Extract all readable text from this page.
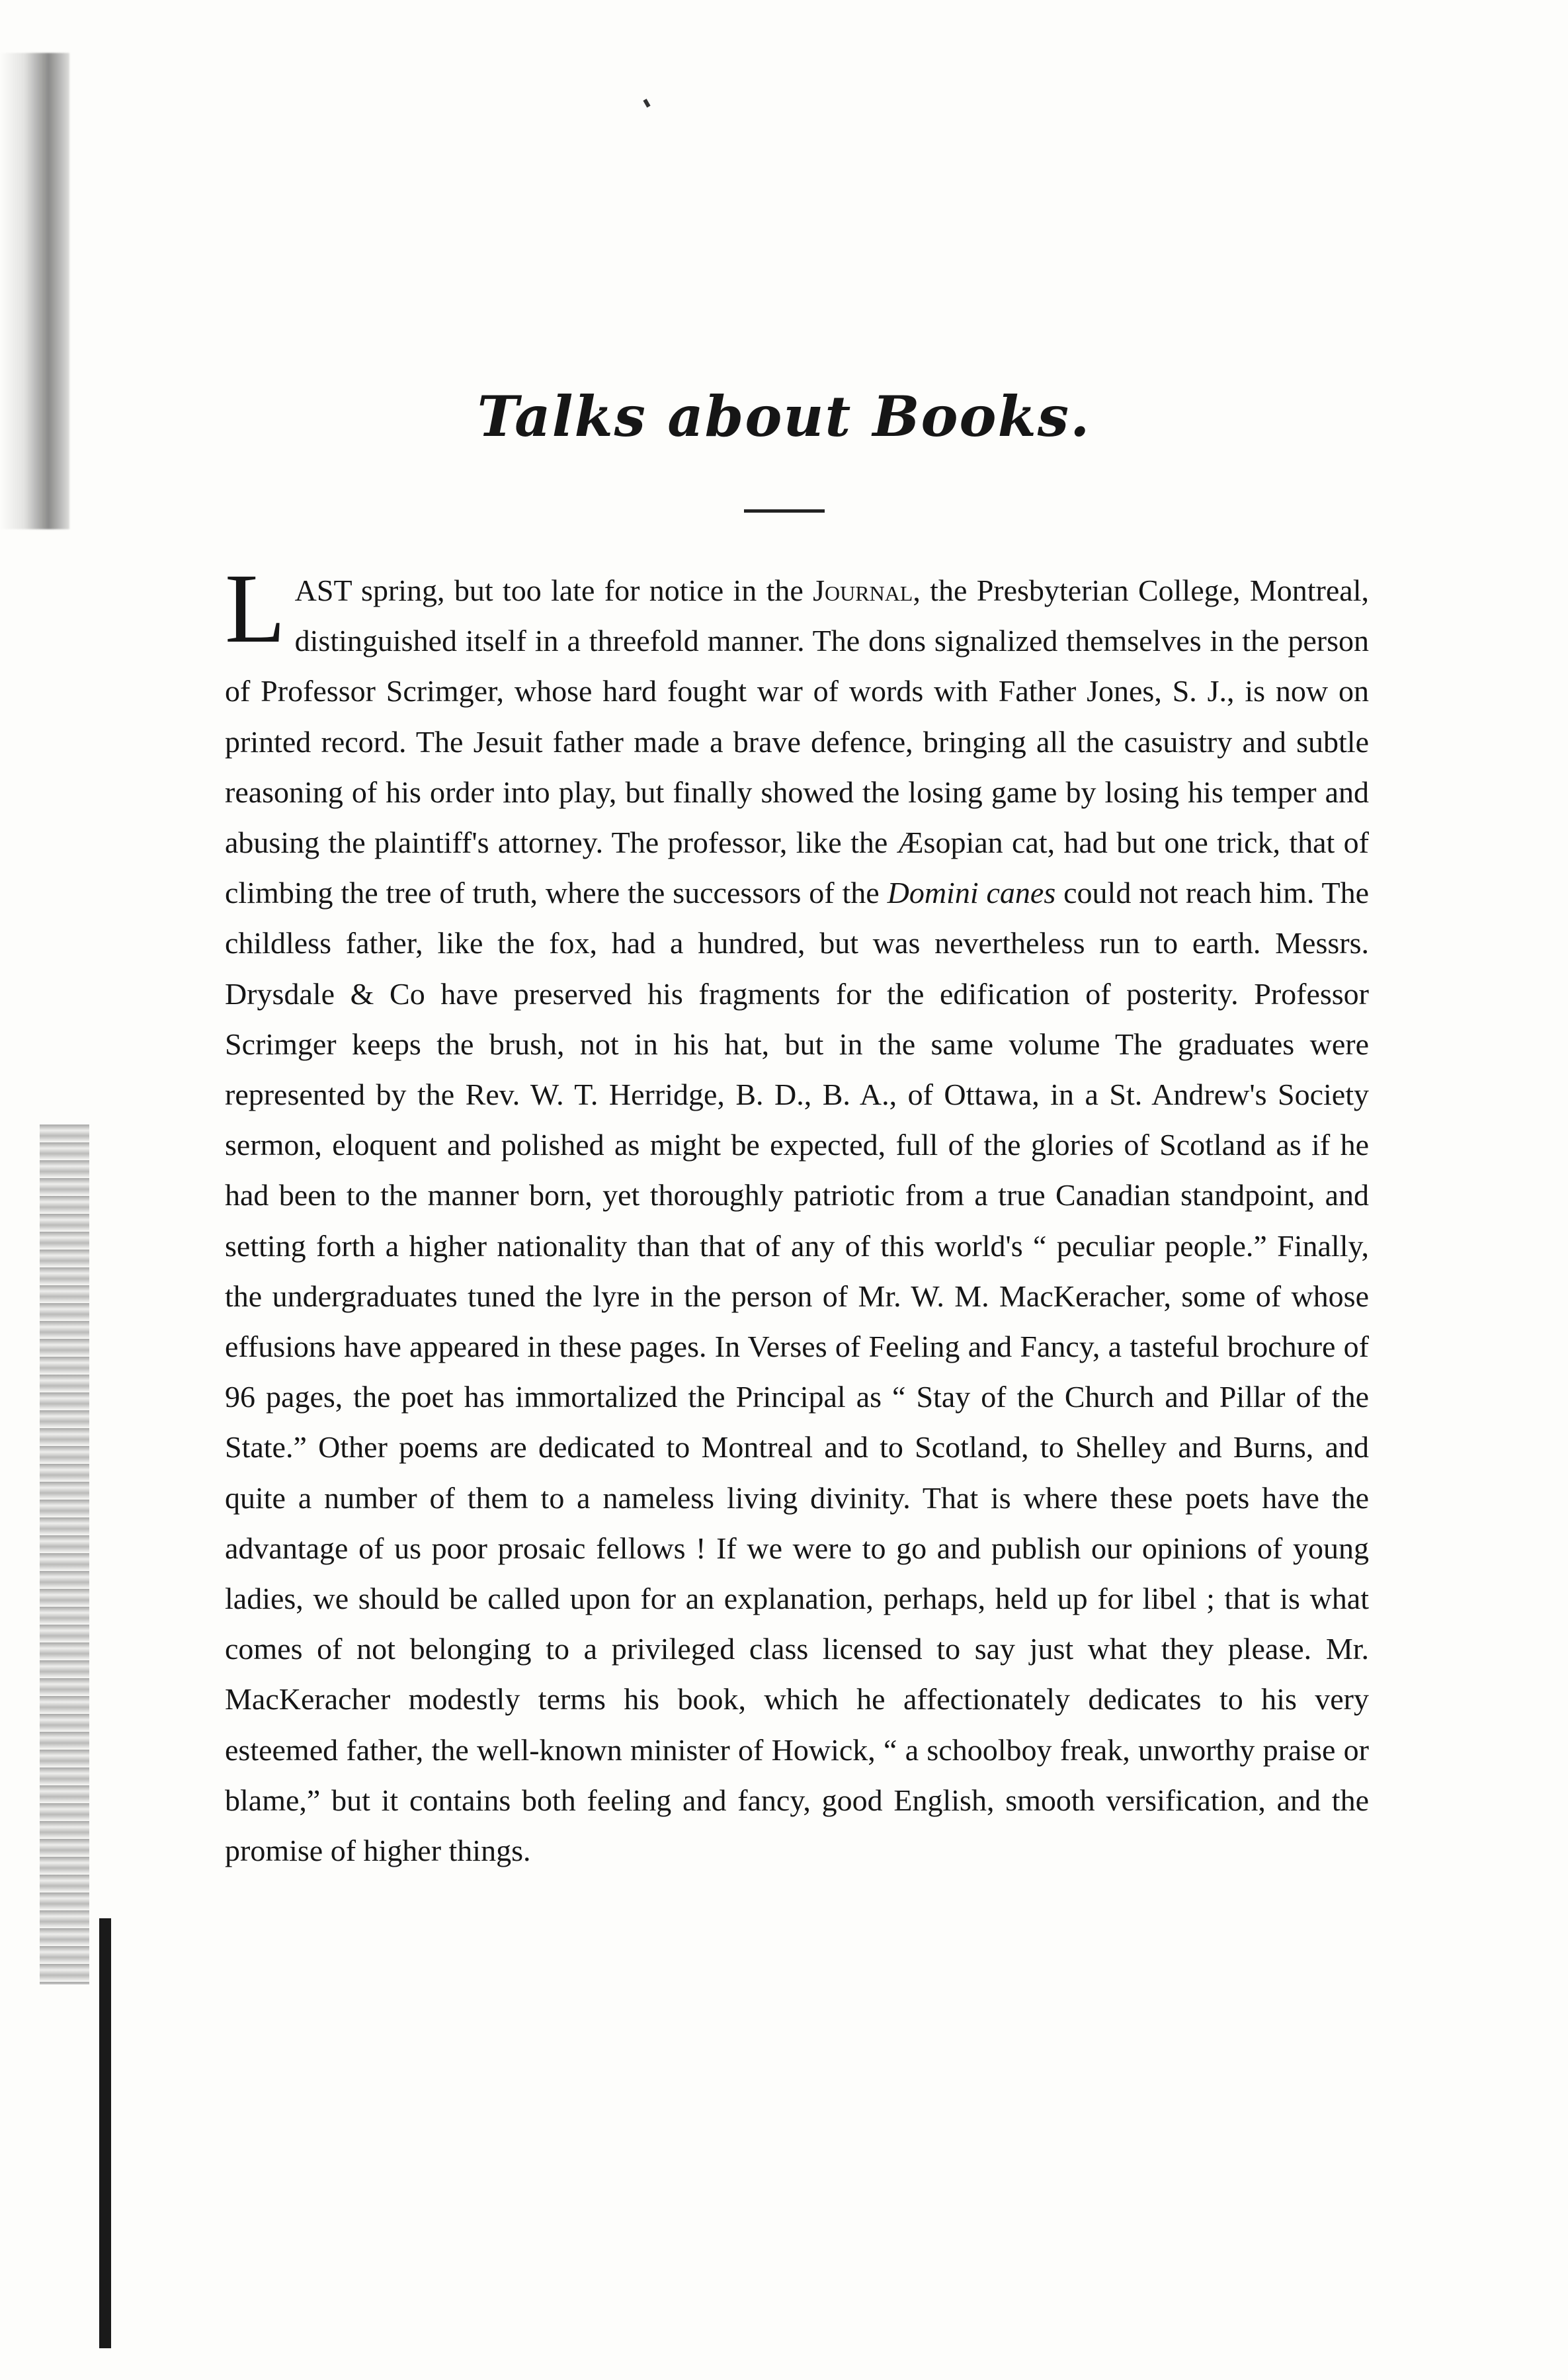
Talks about Books.

LAST spring, but too late for notice in the Journal, the Presbyterian College, Montreal, distinguished itself in a threefold manner. The dons signalized themselves in the person of Professor Scrimger, whose hard fought war of words with Father Jones, S. J., is now on printed record. The Jesuit father made a brave defence, bringing all the casuistry and subtle reasoning of his order into play, but finally showed the losing game by losing his temper and abusing the plaintiff's attorney. The professor, like the Æsopian cat, had but one trick, that of climbing the tree of truth, where the successors of the Domini canes could not reach him. The childless father, like the fox, had a hundred, but was nevertheless run to earth. Messrs. Drysdale & Co have preserved his fragments for the edification of posterity. Professor Scrimger keeps the brush, not in his hat, but in the same volume The graduates were represented by the Rev. W. T. Herridge, B. D., B. A., of Ottawa, in a St. Andrew's Society sermon, eloquent and polished as might be expected, full of the glories of Scotland as if he had been to the manner born, yet thoroughly patriotic from a true Canadian standpoint, and setting forth a higher nationality than that of any of this world's “ peculiar people.” Finally, the undergraduates tuned the lyre in the person of Mr. W. M. MacKeracher, some of whose effusions have appeared in these pages. In Verses of Feeling and Fancy, a tasteful brochure of 96 pages, the poet has immortalized the Principal as “ Stay of the Church and Pillar of the State.” Other poems are dedicated to Montreal and to Scotland, to Shelley and Burns, and quite a number of them to a nameless living divinity. That is where these poets have the advantage of us poor prosaic fellows ! If we were to go and publish our opinions of young ladies, we should be called upon for an explanation, perhaps, held up for libel ; that is what comes of not belonging to a privileged class licensed to say just what they please. Mr. MacKeracher modestly terms his book, which he affectionately dedicates to his very esteemed father, the well-known minister of Howick, “ a schoolboy freak, unworthy praise or blame,” but it contains both feeling and fancy, good English, smooth versification, and the promise of higher things.
